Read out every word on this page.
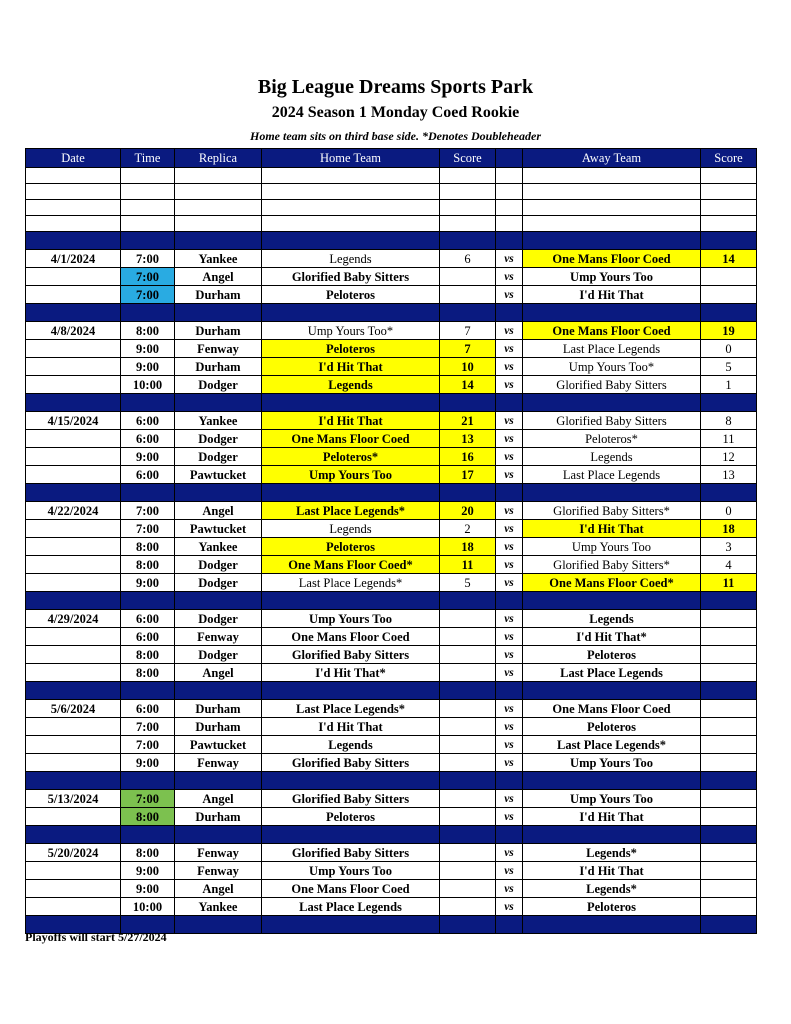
Big League Dreams Sports Park
2024 Season 1 Monday Coed Rookie
Home team sits on third base side. *Denotes Doubleheader
Date	Time	Replica	Home Team	Score		Away Team	Score

4/1/2024	7:00	Yankee	Legends	6	vs	One Mans Floor Coed	14
	7:00	Angel	Glorified Baby Sitters		vs	Ump Yours Too	
	7:00	Durham	Peloteros		vs	I'd Hit That	

4/8/2024	8:00	Durham	Ump Yours Too*	7	vs	One Mans Floor Coed	19
	9:00	Fenway	Peloteros	7	vs	Last Place Legends	0
	9:00	Durham	I'd Hit That	10	vs	Ump Yours Too*	5
	10:00	Dodger	Legends	14	vs	Glorified Baby Sitters	1

4/15/2024	6:00	Yankee	I'd Hit That	21	vs	Glorified Baby Sitters	8
	6:00	Dodger	One Mans Floor Coed	13	vs	Peloteros*	11
	9:00	Dodger	Peloteros*	16	vs	Legends	12
	6:00	Pawtucket	Ump Yours Too	17	vs	Last Place Legends	13

4/22/2024	7:00	Angel	Last Place Legends*	20	vs	Glorified Baby Sitters*	0
	7:00	Pawtucket	Legends	2	vs	I'd Hit That	18
	8:00	Yankee	Peloteros	18	vs	Ump Yours Too	3
	8:00	Dodger	One Mans Floor Coed*	11	vs	Glorified Baby Sitters*	4
	9:00	Dodger	Last Place Legends*	5	vs	One Mans Floor Coed*	11

4/29/2024	6:00	Dodger	Ump Yours Too		vs	Legends	
	6:00	Fenway	One Mans Floor Coed		vs	I'd Hit That*	
	8:00	Dodger	Glorified Baby Sitters		vs	Peloteros	
	8:00	Angel	I'd Hit That*		vs	Last Place Legends	

5/6/2024	6:00	Durham	Last Place Legends*		vs	One Mans Floor Coed	
	7:00	Durham	I'd Hit That		vs	Peloteros	
	7:00	Pawtucket	Legends		vs	Last Place Legends*	
	9:00	Fenway	Glorified Baby Sitters		vs	Ump Yours Too	

5/13/2024	7:00	Angel	Glorified Baby Sitters		vs	Ump Yours Too	
	8:00	Durham	Peloteros		vs	I'd Hit That	

5/20/2024	8:00	Fenway	Glorified Baby Sitters		vs	Legends*	
	9:00	Fenway	Ump Yours Too		vs	I'd Hit That	
	9:00	Angel	One Mans Floor Coed		vs	Legends*	
	10:00	Yankee	Last Place Legends		vs	Peloteros	

Playoffs will start 5/27/2024
